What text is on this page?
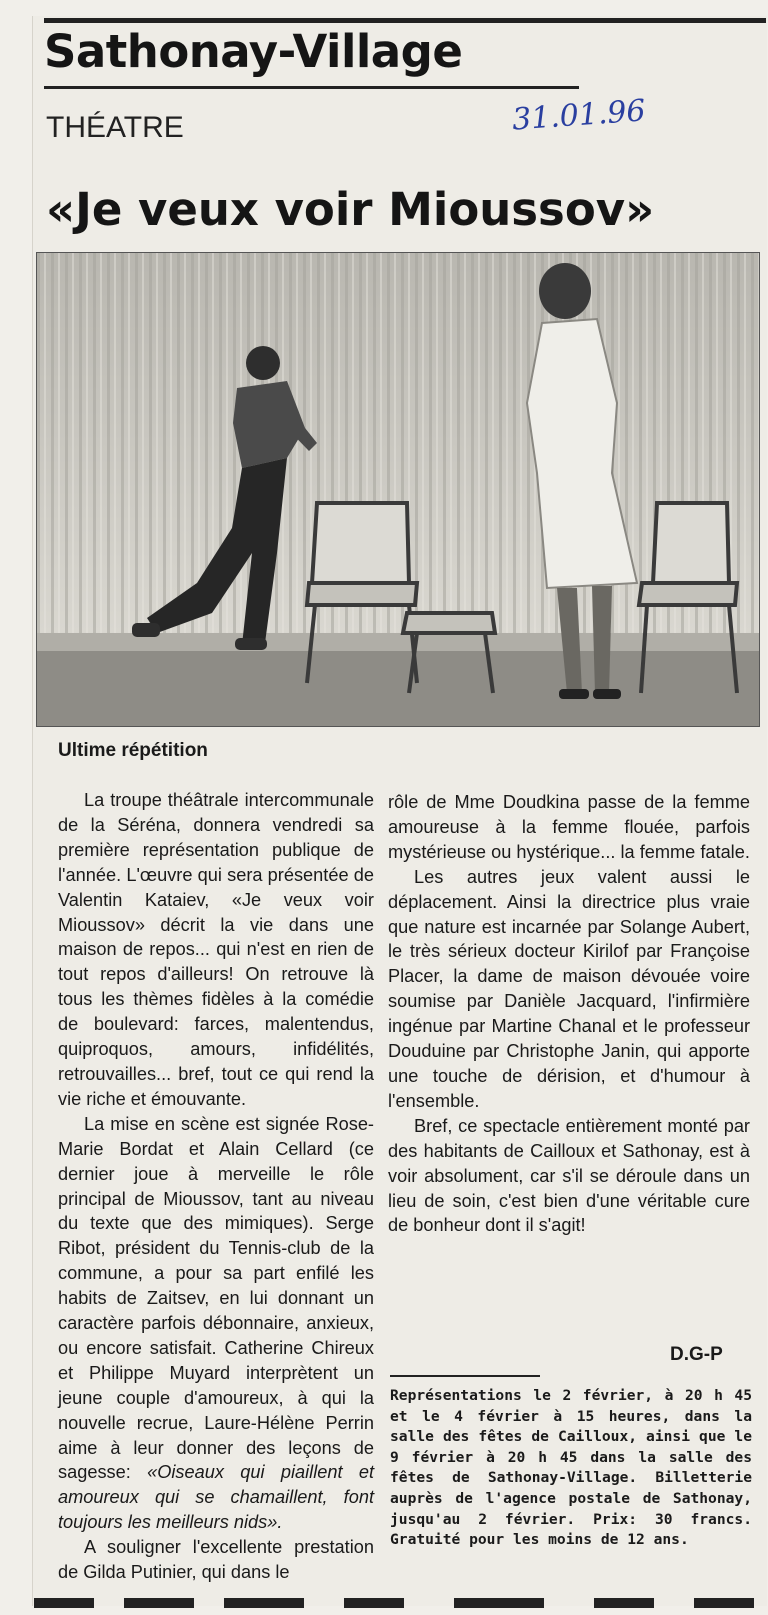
Sathonay-Village
THÉATRE	31.01.96
«Je veux voir Mioussov»
Ultime répétition

La troupe théâtrale intercommunale de la Séréna, donnera vendredi sa première représentation publique de l'année. L'œuvre qui sera présentée de Valentin Kataiev, «Je veux voir Mioussov» décrit la vie dans une maison de repos... qui n'est en rien de tout repos d'ailleurs! On retrouve là tous les thèmes fidèles à la comédie de boulevard: farces, malentendus, quiproquos, amours, infidélités, retrouvailles... bref, tout ce qui rend la vie riche et émouvante.

La mise en scène est signée Rose-Marie Bordat et Alain Cellard (ce dernier joue à merveille le rôle principal de Mioussov, tant au niveau du texte que des mimiques). Serge Ribot, président du Tennis-club de la commune, a pour sa part enfilé les habits de Zaitsev, en lui donnant un caractère parfois débonnaire, anxieux, ou encore satisfait. Catherine Chireux et Philippe Muyard interprètent un jeune couple d'amoureux, à qui la nouvelle recrue, Laure-Hélène Perrin aime à leur donner des leçons de sagesse: «Oiseaux qui piaillent et amoureux qui se chamaillent, font toujours les meilleurs nids».

A souligner l'excellente prestation de Gilda Putinier, qui dans le

rôle de Mme Doudkina passe de la femme amoureuse à la femme flouée, parfois mystérieuse ou hystérique... la femme fatale.

Les autres jeux valent aussi le déplacement. Ainsi la directrice plus vraie que nature est incarnée par Solange Aubert, le très sérieux docteur Kirilof par Françoise Placer, la dame de maison dévouée voire soumise par Danièle Jacquard, l'infirmière ingénue par Martine Chanal et le professeur Douduine par Christophe Janin, qui apporte une touche de dérision, et d'humour à l'ensemble.

Bref, ce spectacle entièrement monté par des habitants de Cailloux et Sathonay, est à voir absolument, car s'il se déroule dans un lieu de soin, c'est bien d'une véritable cure de bonheur dont il s'agit!

D.G-P
Représentations le 2 février, à 20 h 45 et le 4 février à 15 heures, dans la salle des fêtes de Cailloux, ainsi que le 9 février à 20 h 45 dans la salle des fêtes de Sathonay-Village. Billetterie auprès de l'agence postale de Sathonay, jusqu'au 2 février. Prix: 30 francs. Gratuité pour les moins de 12 ans.
